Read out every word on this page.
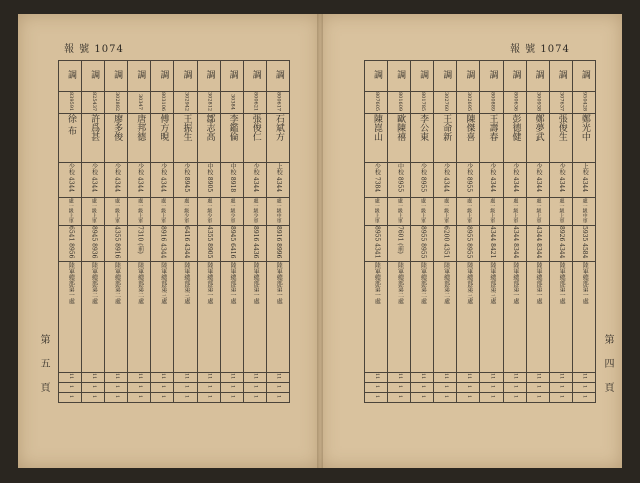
報 號 1074
第五頁
調	調	調	調	調	調	調	調	調	調
839591	825437	302882	30347	803106	302942	302812	30384	800621	800617
徐 布	許爲甚	廖多俊	唐邦德	傅方晛	王振生	鄒志高	李鑑倫	張俊仁	石斌方
少校 4344	少校 4344	少校 4344	少校 4344	少校 4344	少校 8945	中校 8905	中校 8918	少校 4344	上校 4344
處一級上軍	處一級上軍	處一級上軍	處一級上軍	處一級上軍	處一級少軍	處一級少軍	處一級少軍	處一級少軍	處一級中軍
6541 8956	8945 8936	4355 8916	7310 (前)	8916 4344	6416 4344	4355 8905	8945 6416	8916 4436	8916 8996
陸軍總部第一處	陸軍總部第二處	陸軍總部第二處	陸軍總部第二處	陸軍總部第三處	陸軍總部第三處	陸軍總部第一處	陸軍總部第一處	陸軍總部第一處	陸軍總部第一處
11	11	11	11	11	11	11	11	11	11
1	1	1	1	1	1	1	1	1	1
1	1	1	1	1	1	1	1	1	1
報 號 1074
第四頁
調	調	調	調	調	調	調	調	調	調
807605	801609	801785	302760	302695	800889	800636	300938	307637	950428
陳崑山	歐陳禧	李公東	王命新	陳傑喜	王壽春	彭德健	鄭夢武	張俊生	鄭光中
少校 7384	中校 8955	少校 8955	少校 4344	少校 8955	少校 4344	少校 4344	少校 4344	少校 4344	上校 4344
處一級上軍	處一級上軍	處一級上軍	處一級上軍	處一級上軍	處一級上軍	處一級上軍	處一級上軍	處一級上軍	處一級中軍
8955 4341	7601 (前)	8955 8955	6200 4351	8955 8955	4344 8421	4344 8344	4344 8344	8926 4344	5935 4584
陸軍總部第一處	陸軍總部第二處	陸軍總部第二處	陸軍總部第二處	陸軍總部第三處	陸軍總部第三處	陸軍總部第一處	陸軍總部第一處	陸軍總部第一處	陸軍總部第一處
11	11	11	11	11	11	11	11	11	11
1	1	1	1	1	1	1	1	1	1
1	1	1	1	1	1	1	1	1	1
